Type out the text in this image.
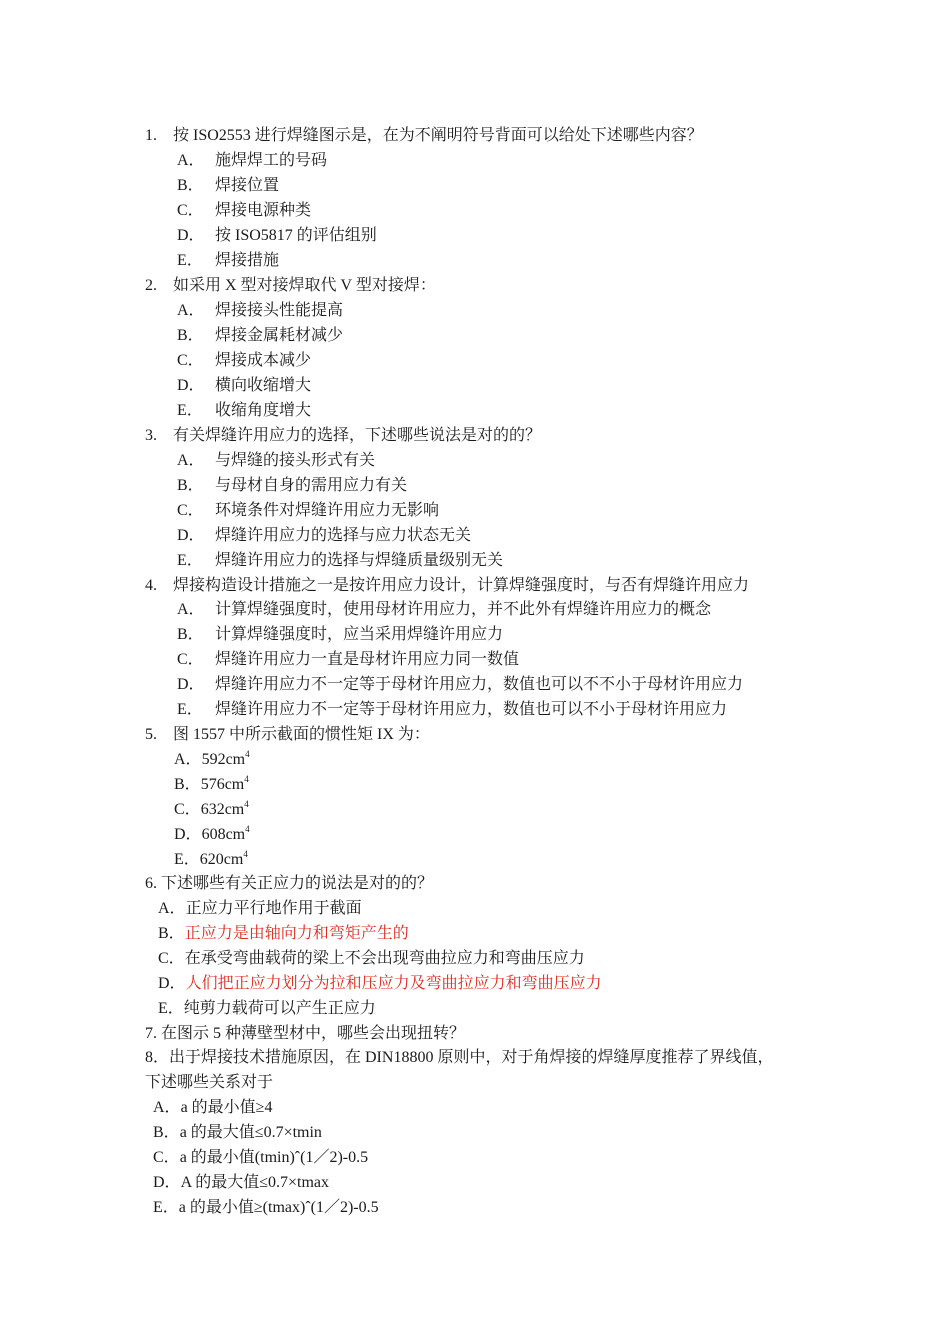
1. 按 ISO2553 进行焊缝图示是，在为不阐明符号背面可以给处下述哪些内容？
A． 施焊焊工的号码
B． 焊接位置
C． 焊接电源种类
D． 按 ISO5817 的评估组别
E． 焊接措施
2. 如采用 X 型对接焊取代 V 型对接焊：
A． 焊接接头性能提高
B． 焊接金属耗材减少
C． 焊接成本减少
D． 横向收缩增大
E． 收缩角度增大
3. 有关焊缝许用应力的选择，下述哪些说法是对的的？
A． 与焊缝的接头形式有关
B． 与母材自身的需用应力有关
C． 环境条件对焊缝许用应力无影响
D． 焊缝许用应力的选择与应力状态无关
E． 焊缝许用应力的选择与焊缝质量级别无关
4. 焊接构造设计措施之一是按许用应力设计，计算焊缝强度时，与否有焊缝许用应力
A． 计算焊缝强度时，使用母材许用应力，并不此外有焊缝许用应力的概念
B． 计算焊缝强度时，应当采用焊缝许用应力
C． 焊缝许用应力一直是母材许用应力同一数值
D． 焊缝许用应力不一定等于母材许用应力，数值也可以不不小于母材许用应力
E． 焊缝许用应力不一定等于母材许用应力，数值也可以不小于母材许用应力
5. 图 1557 中所示截面的惯性矩 IX 为：
A．$592cm^4$
B．$576cm^4$
C．$632cm^4$
D．$608cm^4$
E．$620cm^4$
6. 下述哪些有关正应力的说法是对的的？
A．正应力平行地作用于截面
B．正应力是由轴向力和弯矩产生的
C．在承受弯曲载荷的梁上不会出现弯曲拉应力和弯曲压应力
D．人们把正应力划分为拉和压应力及弯曲拉应力和弯曲压应力
E．纯剪力载荷可以产生正应力
7. 在图示 5 种薄壁型材中，哪些会出现扭转？
8．出于焊接技术措施原因，在 DIN18800 原则中，对于角焊接的焊缝厚度推荐了界线值，
下述哪些关系对于
A．a 的最小值≥4
B．a 的最大值≤0.7×tmin
C．a 的最小值(tmin)ˆ(1／2)-0.5
D．A 的最大值≤0.7×tmax
E．a 的最小值≥(tmax)ˆ(1／2)-0.5
